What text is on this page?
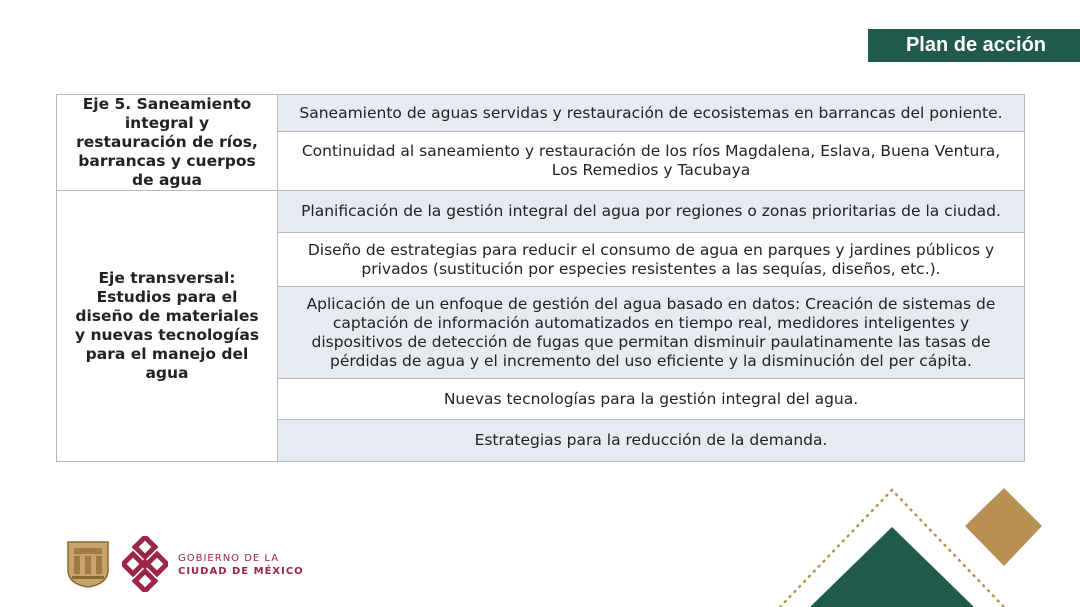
Plan de acción
Eje 5. Saneamiento integral y restauración de ríos, barrancas y cuerpos de agua	Saneamiento de aguas servidas y restauración de ecosistemas en barrancas del poniente.
	Continuidad al saneamiento y restauración de los ríos Magdalena, Eslava, Buena Ventura, Los Remedios y Tacubaya
Eje transversal: Estudios para el diseño de materiales y nuevas tecnologías para el manejo del agua	Planificación de la gestión integral del agua por regiones o zonas prioritarias de la ciudad.
	Diseño de estrategias para reducir el consumo de agua en parques y jardines públicos y privados (sustitución por especies resistentes a las sequías, diseños, etc.).
	Aplicación de un enfoque de gestión del agua basado en datos: Creación de sistemas de captación de información automatizados en tiempo real, medidores inteligentes y dispositivos de detección de fugas que permitan disminuir paulatinamente las tasas de pérdidas de agua y el incremento del uso eficiente y la disminución del per cápita.
	Nuevas tecnologías para la gestión integral del agua.
	Estrategias para la reducción de la demanda.
GOBIERNO DE LA
CIUDAD DE MÉXICO
